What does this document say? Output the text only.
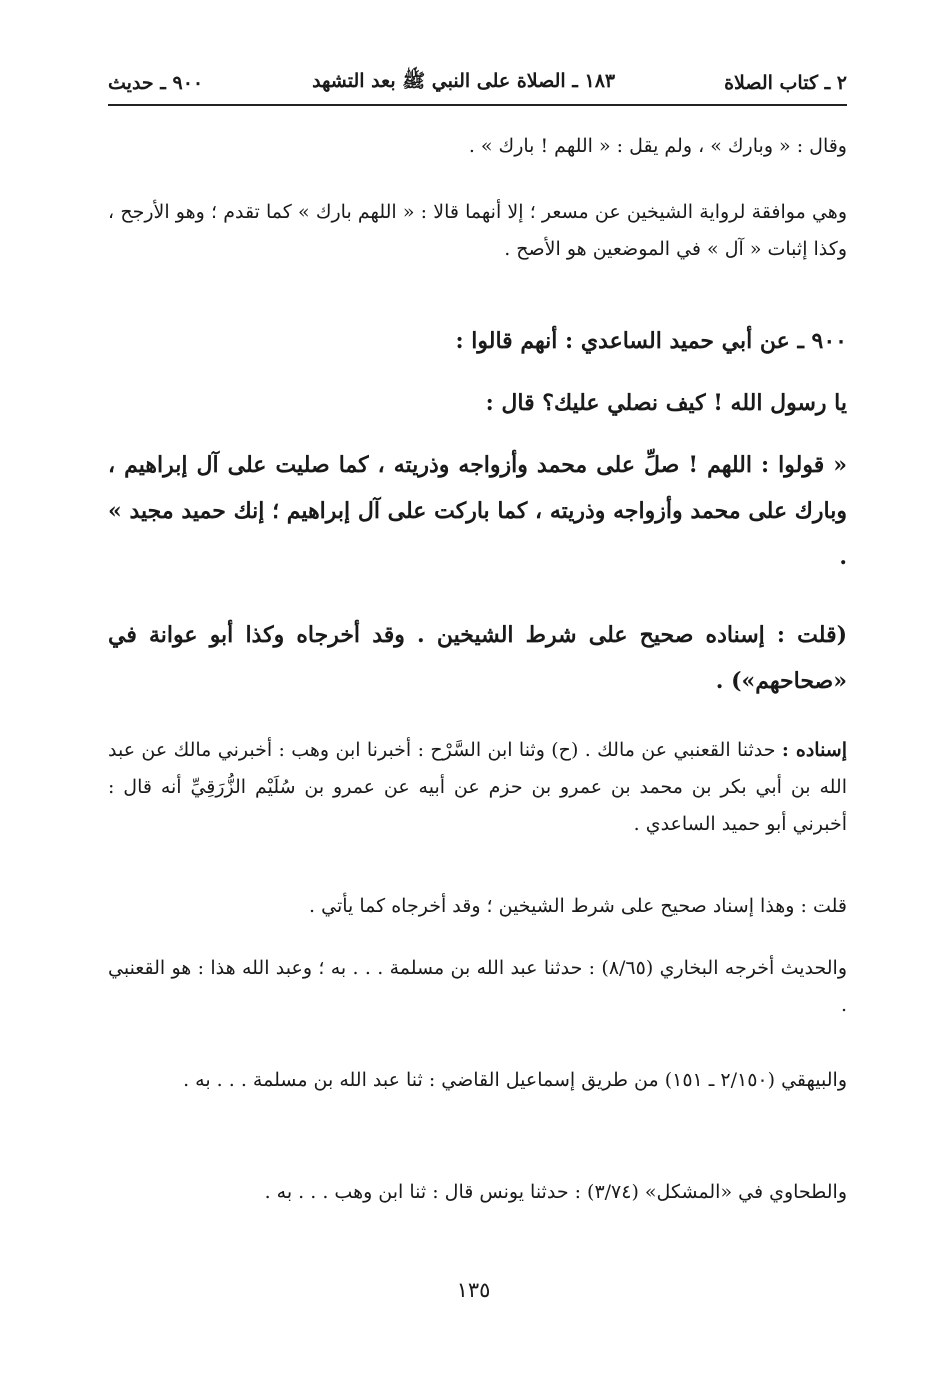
٢ ـ كتاب الصلاة
١٨٣ ـ الصلاة على النبي ﷺ بعد التشهد
٩٠٠ ـ حديث

وقال : « وبارك » ، ولم يقل : « اللهم ! بارك » .

وهي موافقة لرواية الشيخين عن مسعر ؛ إلا أنهما قالا : « اللهم بارك » كما تقدم ؛ وهو الأرجح ، وكذا إثبات « آل » في الموضعين هو الأصح .

٩٠٠ ـ عن أبي حميد الساعدي : أنهم قالوا :

يا رسول الله ! كيف نصلي عليك؟ قال :

« قولوا : اللهم ! صلِّ على محمد وأزواجه وذريته ، كما صليت على آل إبراهيم ، وبارك على محمد وأزواجه وذريته ، كما باركت على آل إبراهيم ؛ إنك حميد مجيد » .

(قلت : إسناده صحيح على شرط الشيخين . وقد أخرجاه وكذا أبو عوانة في «صحاحهم») .

إسناده : حدثنا القعنبي عن مالك . (ح) وثنا ابن السَّرْح : أخبرنا ابن وهب : أخبرني مالك عن عبد الله بن أبي بكر بن محمد بن عمرو بن حزم عن أبيه عن عمرو بن سُلَيْم الزُّرَقِيِّ أنه قال : أخبرني أبو حميد الساعدي .

قلت : وهذا إسناد صحيح على شرط الشيخين ؛ وقد أخرجاه كما يأتي .

والحديث أخرجه البخاري (٨/٦٥) : حدثنا عبد الله بن مسلمة . . . به ؛ وعبد الله هذا : هو القعنبي .

والبيهقي (٢/١٥٠ ـ ١٥١) من طريق إسماعيل القاضي : ثنا عبد الله بن مسلمة . . . به .

والطحاوي في «المشكل» (٣/٧٤) : حدثنا يونس قال : ثنا ابن وهب . . . به .

١٣٥
